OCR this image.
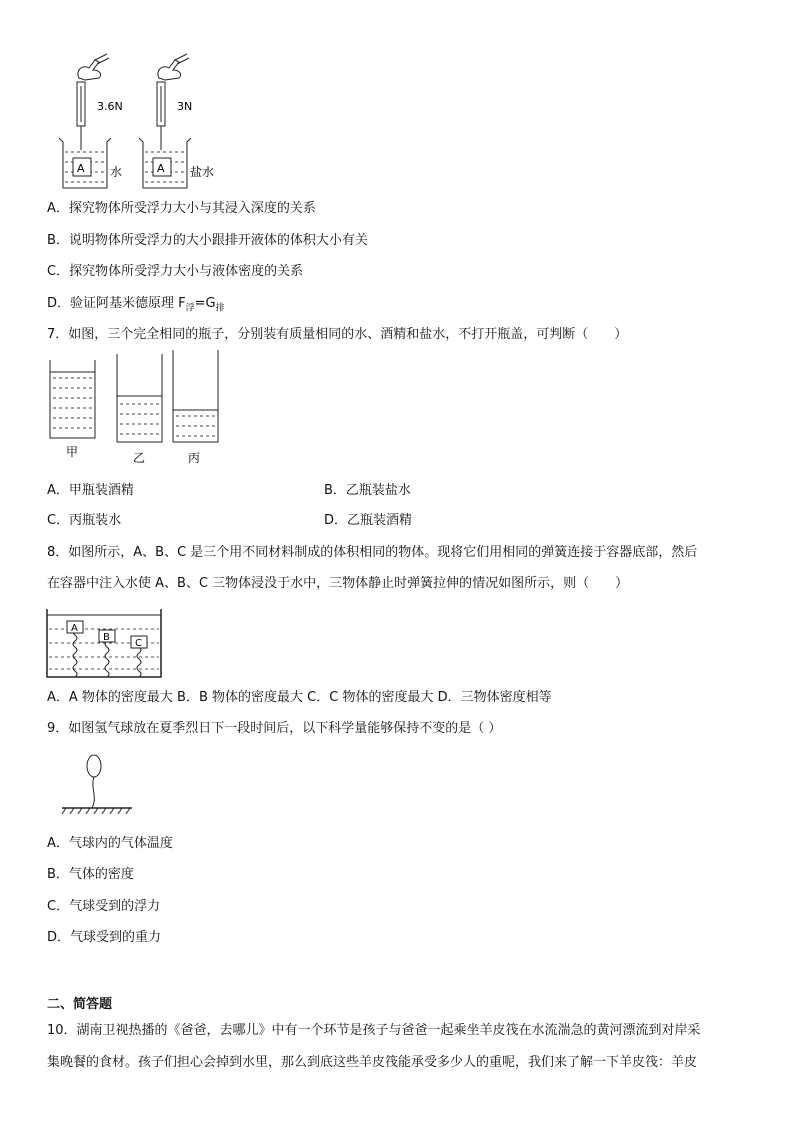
3.6N
A 水
3N
A 盐水
A．探究物体所受浮力大小与其浸入深度的关系
B．说明物体所受浮力的大小跟排开液体的体积大小有关
C．探究物体所受浮力大小与液体密度的关系
D．验证阿基米德原理 $F_浮=G_排$
7．如图，三个完全相同的瓶子，分别装有质量相同的水、酒精和盐水，不打开瓶盖，可判断（　　）
甲	乙	丙
A．甲瓶装酒精	B．乙瓶装盐水
C．丙瓶装水	D．乙瓶装酒精
8．如图所示，A、B、C 是三个用不同材料制成的体积相同的物体。现将它们用相同的弹簧连接于容器底部，然后
在容器中注入水使 A、B、C 三物体浸没于水中，三物体静止时弹簧拉伸的情况如图所示，则（　　）
A
B
C
A．A 物体的密度最大 B．B 物体的密度最大 C．C 物体的密度最大 D．三物体密度相等
9．如图氢气球放在夏季烈日下一段时间后，以下科学量能够保持不变的是（ ）
A．气球内的气体温度
B．气体的密度
C．气球受到的浮力
D．气球受到的重力
二、简答题
10．湖南卫视热播的《爸爸，去哪儿》中有一个环节是孩子与爸爸一起乘坐羊皮筏在水流湍急的黄河漂流到对岸采
集晚餐的食材。孩子们担心会掉到水里，那么到底这些羊皮筏能承受多少人的重呢，我们来了解一下羊皮筏：羊皮
